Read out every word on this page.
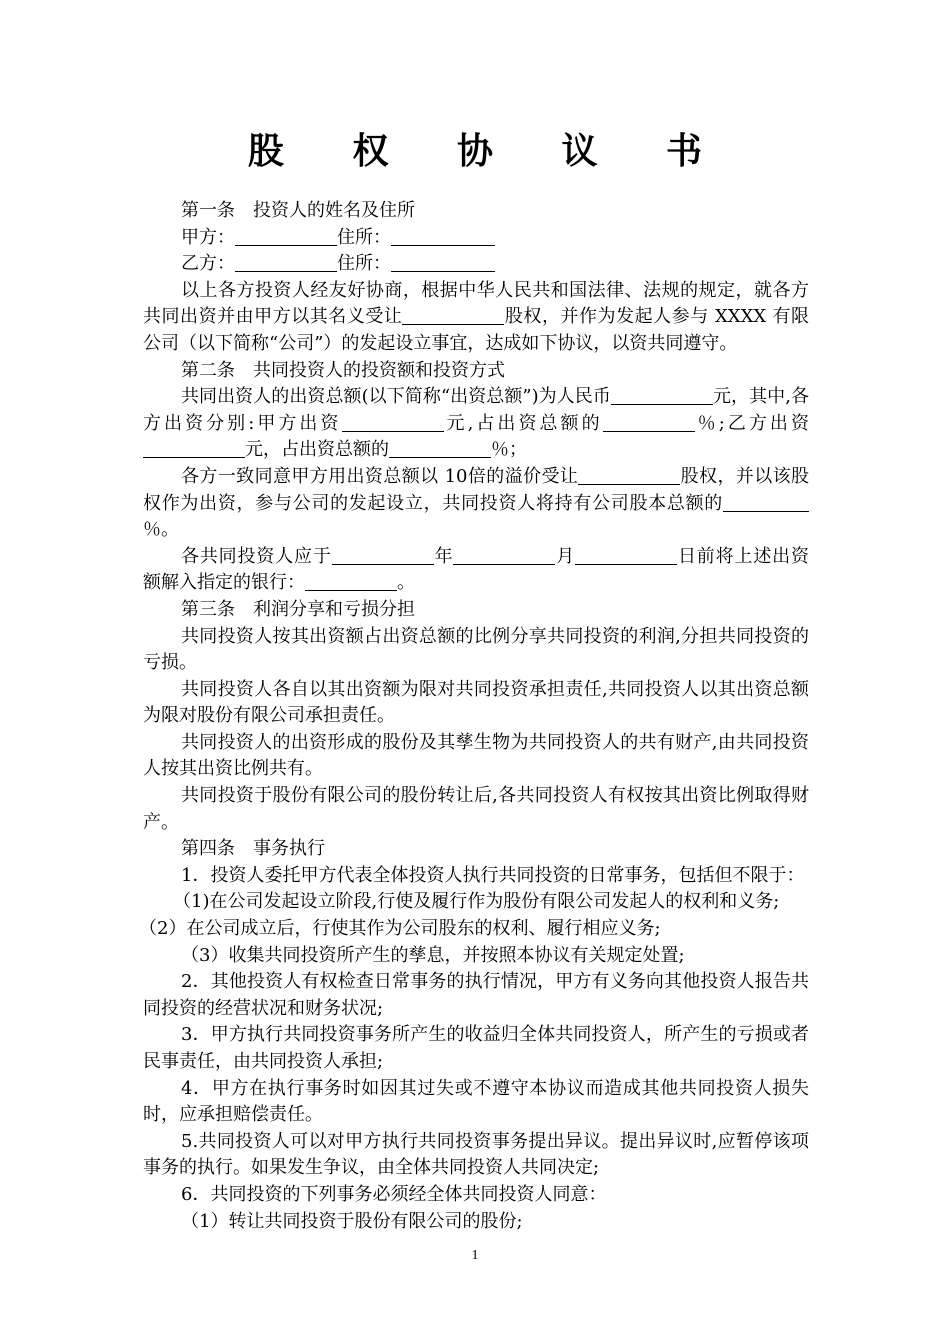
股 权 协 议 书

第一条　投资人的姓名及住所

甲方：	住所：

乙方：	住所：

以上各方投资人经友好协商，根据中华人民共和国法律、法规的规定，就各方共同出资并由甲方以其名义受让	股权，并作为发起人参与 XXXX 有限公司（以下简称“公司”）的发起设立事宜，达成如下协议，以资共同遵守。

第二条　共同投资人的投资额和投资方式

共同出资人的出资总额(以下简称“出资总额”)为人民币	元，其中,各方出资分别:甲方出资	元,占出资总额的	％;乙方出资元，占出资总额的	％；

各方一致同意甲方用出资总额以 10倍的溢价受让	股权，并以该股权作为出资，参与公司的发起设立，共同投资人将持有公司股本总额的％。

各共同投资人应于	年	月	日前将上述出资额解入指定的银行：	。

第三条　利润分享和亏损分担

共同投资人按其出资额占出资总额的比例分享共同投资的利润,分担共同投资的亏损。

共同投资人各自以其出资额为限对共同投资承担责任,共同投资人以其出资总额为限对股份有限公司承担责任。

共同投资人的出资形成的股份及其孳生物为共同投资人的共有财产,由共同投资人按其出资比例共有。

共同投资于股份有限公司的股份转让后,各共同投资人有权按其出资比例取得财产。

第四条　事务执行

1．投资人委托甲方代表全体投资人执行共同投资的日常事务，包括但不限于：

（1)在公司发起设立阶段,行使及履行作为股份有限公司发起人的权利和义务;

（2）在公司成立后，行使其作为公司股东的权利、履行相应义务;

（3）收集共同投资所产生的孳息，并按照本协议有关规定处置;

2．其他投资人有权检查日常事务的执行情况，甲方有义务向其他投资人报告共同投资的经营状况和财务状况;

3．甲方执行共同投资事务所产生的收益归全体共同投资人，所产生的亏损或者民事责任，由共同投资人承担;

4．甲方在执行事务时如因其过失或不遵守本协议而造成其他共同投资人损失时，应承担赔偿责任。

5.共同投资人可以对甲方执行共同投资事务提出异议。提出异议时,应暂停该项事务的执行。如果发生争议，由全体共同投资人共同决定;

6．共同投资的下列事务必须经全体共同投资人同意：

（1）转让共同投资于股份有限公司的股份;

1
